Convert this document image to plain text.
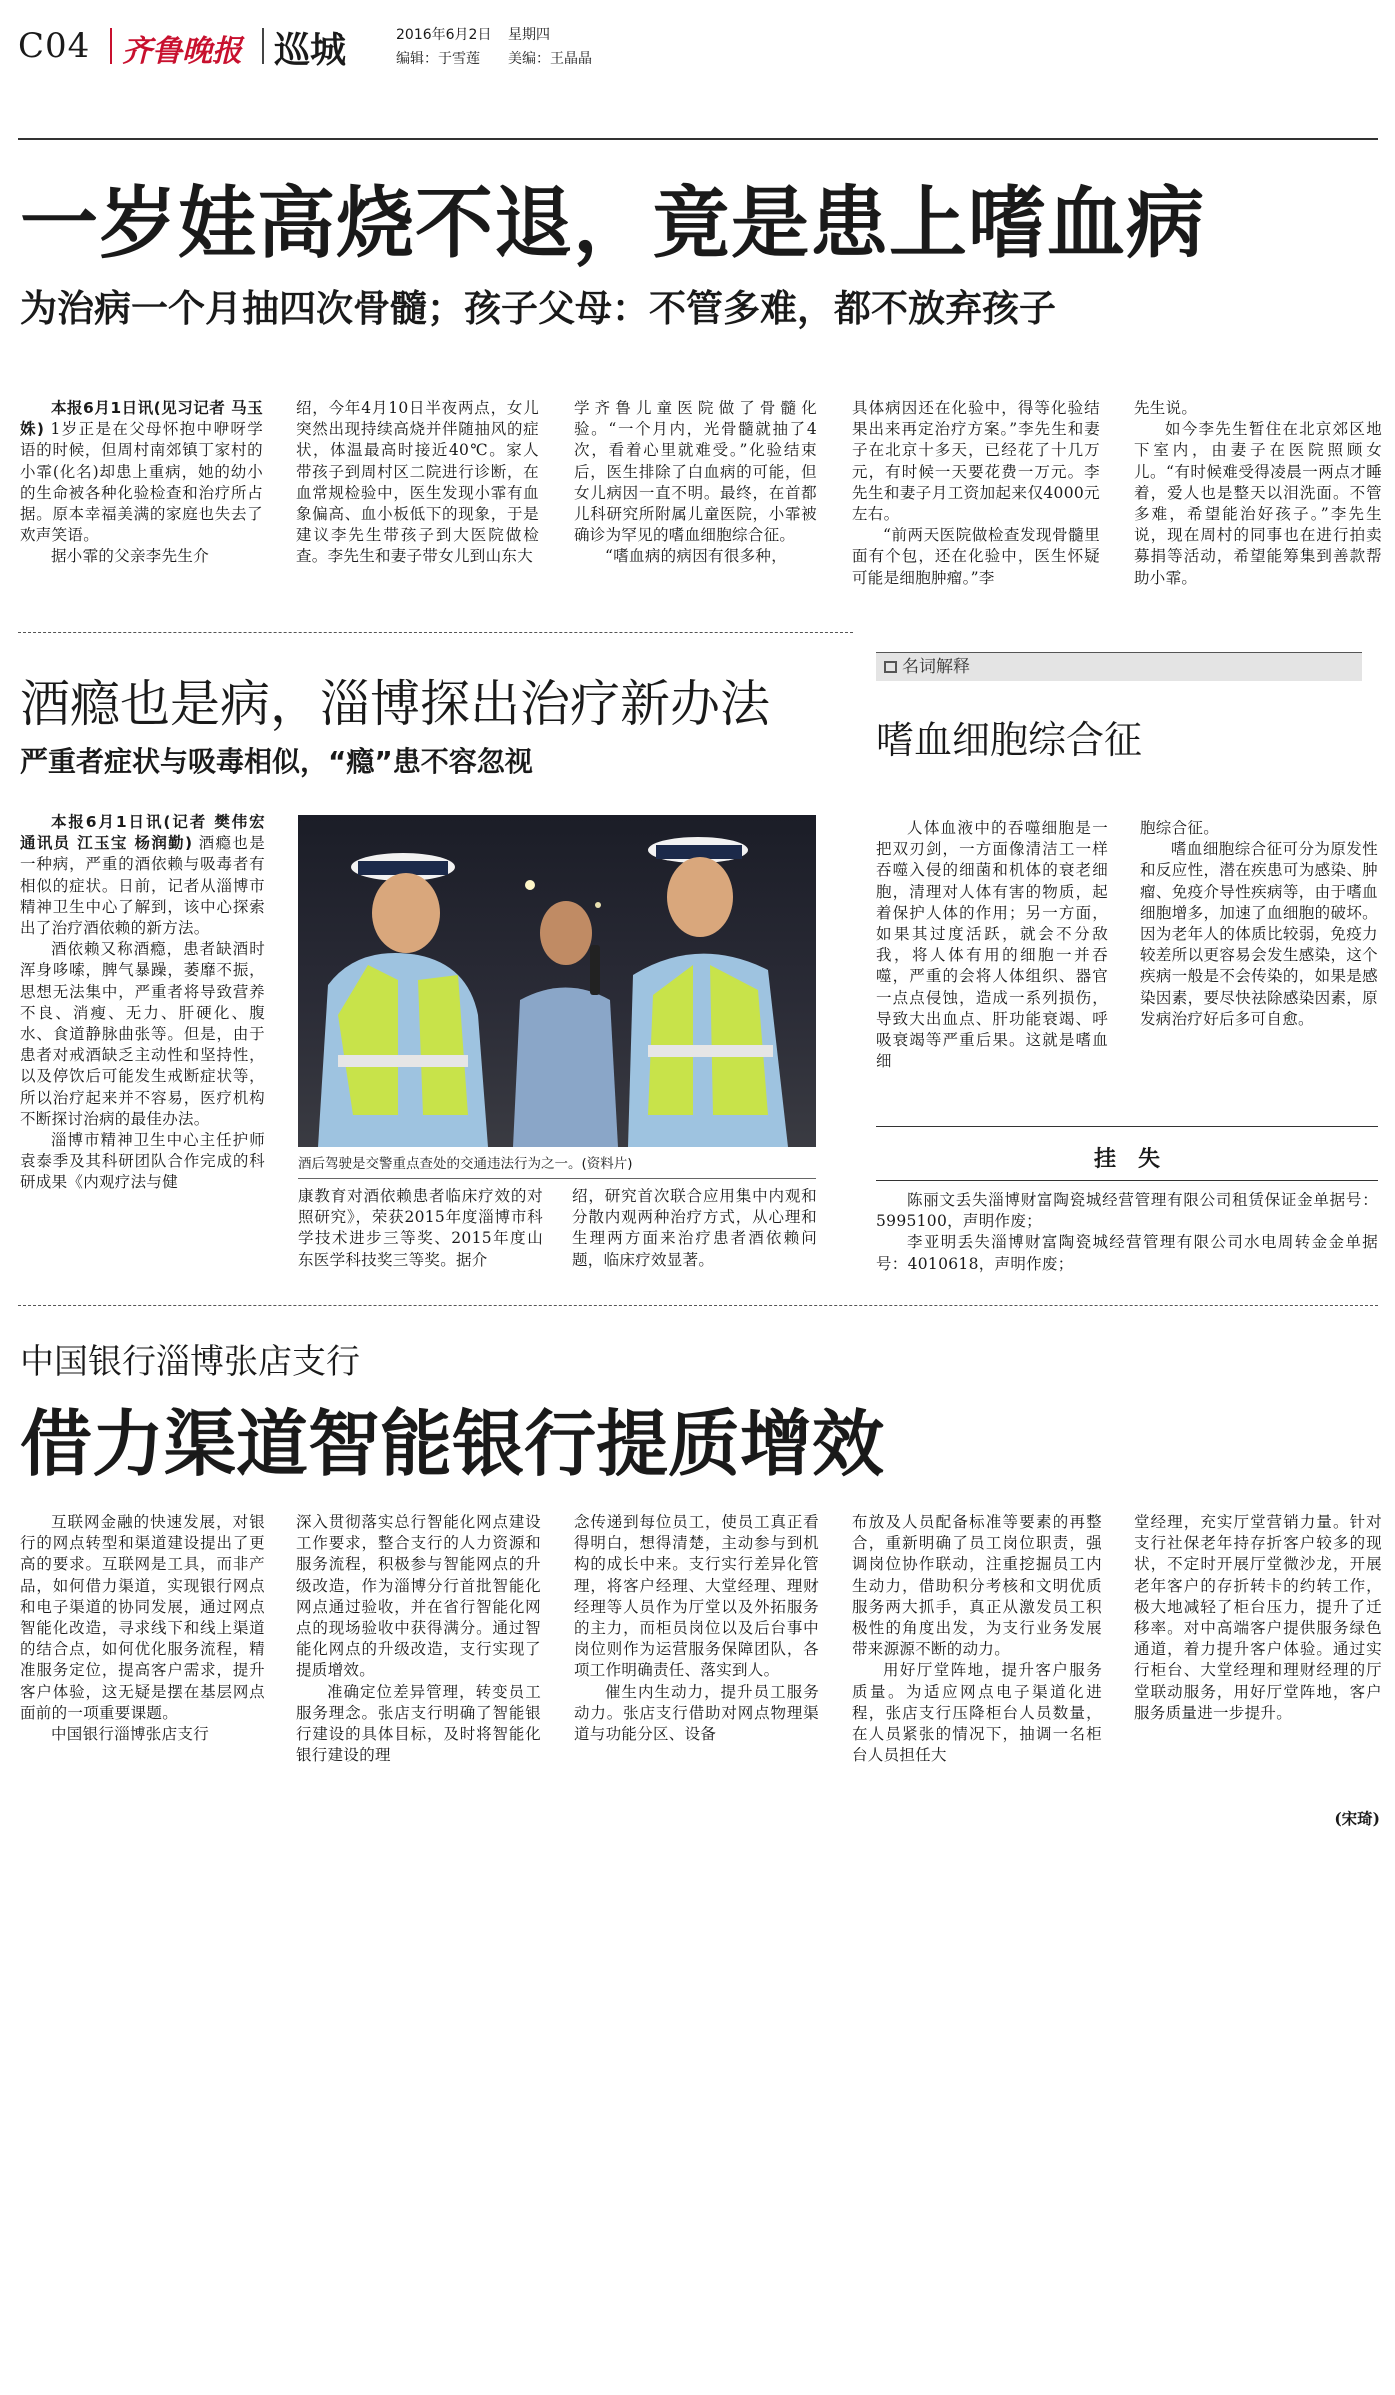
C04 齐鲁晚报 巡城	2016年6月2日 星期四
编辑：于雪莲 美编：王晶晶
一岁娃高烧不退，竟是患上嗜血病
为治病一个月抽四次骨髓；孩子父母：不管多难，都不放弃孩子

本报6月1日讯(见习记者 马玉姝) 1岁正是在父母怀抱中咿呀学语的时候，但周村南郊镇丁家村的小霏(化名)却患上重病，她的幼小的生命被各种化验检查和治疗所占据。原本幸福美满的家庭也失去了欢声笑语。

据小霏的父亲李先生介

绍，今年4月10日半夜两点，女儿突然出现持续高烧并伴随抽风的症状，体温最高时接近40℃。家人带孩子到周村区二院进行诊断，在血常规检验中，医生发现小霏有血象偏高、血小板低下的现象，于是建议李先生带孩子到大医院做检查。李先生和妻子带女儿到山东大

学齐鲁儿童医院做了骨髓化验。“一个月内，光骨髓就抽了4次，看着心里就难受。”化验结束后，医生排除了白血病的可能，但女儿病因一直不明。最终，在首都儿科研究所附属儿童医院，小霏被确诊为罕见的嗜血细胞综合征。

“嗜血病的病因有很多种，

具体病因还在化验中，得等化验结果出来再定治疗方案。”李先生和妻子在北京十多天，已经花了十几万元，有时候一天要花费一万元。李先生和妻子月工资加起来仅4000元左右。

“前两天医院做检查发现骨髓里面有个包，还在化验中，医生怀疑可能是细胞肿瘤。”李

先生说。

如今李先生暂住在北京郊区地下室内，由妻子在医院照顾女儿。“有时候难受得凌晨一两点才睡着，爱人也是整天以泪洗面。不管多难，希望能治好孩子。”李先生说，现在周村的同事也在进行拍卖募捐等活动，希望能筹集到善款帮助小霏。

酒瘾也是病，淄博探出治疗新办法
严重者症状与吸毒相似，“瘾”患不容忽视

本报6月1日讯(记者 樊伟宏 通讯员 江玉宝 杨润勤) 酒瘾也是一种病，严重的酒依赖与吸毒者有相似的症状。日前，记者从淄博市精神卫生中心了解到，该中心探索出了治疗酒依赖的新方法。

酒依赖又称酒瘾，患者缺酒时浑身哆嗦，脾气暴躁，萎靡不振，思想无法集中，严重者将导致营养不良、消瘦、无力、肝硬化、腹水、食道静脉曲张等。但是，由于患者对戒酒缺乏主动性和坚持性，以及停饮后可能发生戒断症状等，所以治疗起来并不容易，医疗机构不断探讨治病的最佳办法。

淄博市精神卫生中心主任护师袁泰季及其科研团队合作完成的科研成果《内观疗法与健

酒后驾驶是交警重点查处的交通违法行为之一。(资料片)

康教育对酒依赖患者临床疗效的对照研究》，荣获2015年度淄博市科学技术进步三等奖、2015年度山东医学科技奖三等奖。据介

绍，研究首次联合应用集中内观和分散内观两种治疗方式，从心理和生理两方面来治疗患者酒依赖问题，临床疗效显著。

名词解释
嗜血细胞综合征

人体血液中的吞噬细胞是一把双刃剑，一方面像清洁工一样吞噬入侵的细菌和机体的衰老细胞，清理对人体有害的物质，起着保护人体的作用；另一方面，如果其过度活跃，就会不分敌我，将人体有用的细胞一并吞噬，严重的会将人体组织、器官一点点侵蚀，造成一系列损伤，导致大出血点、肝功能衰竭、呼吸衰竭等严重后果。这就是嗜血细

胞综合征。

嗜血细胞综合征可分为原发性和反应性，潜在疾患可为感染、肿瘤、免疫介导性疾病等，由于嗜血细胞增多，加速了血细胞的破坏。因为老年人的体质比较弱，免疫力较差所以更容易会发生感染，这个疾病一般是不会传染的，如果是感染因素，要尽快祛除感染因素，原发病治疗好后多可自愈。

挂　失

陈丽文丢失淄博财富陶瓷城经营管理有限公司租赁保证金单据号：5995100，声明作废；

李亚明丢失淄博财富陶瓷城经营管理有限公司水电周转金金单据号：4010618，声明作废；

中国银行淄博张店支行
借力渠道智能银行提质增效

互联网金融的快速发展，对银行的网点转型和渠道建设提出了更高的要求。互联网是工具，而非产品，如何借力渠道，实现银行网点和电子渠道的协同发展，通过网点智能化改造，寻求线下和线上渠道的结合点，如何优化服务流程，精准服务定位，提高客户需求，提升客户体验，这无疑是摆在基层网点面前的一项重要课题。

中国银行淄博张店支行

深入贯彻落实总行智能化网点建设工作要求，整合支行的人力资源和服务流程，积极参与智能网点的升级改造，作为淄博分行首批智能化网点通过验收，并在省行智能化网点的现场验收中获得满分。通过智能化网点的升级改造，支行实现了提质增效。

准确定位差异管理，转变员工服务理念。张店支行明确了智能银行建设的具体目标，及时将智能化银行建设的理

念传递到每位员工，使员工真正看得明白，想得清楚，主动参与到机构的成长中来。支行实行差异化管理，将客户经理、大堂经理、理财经理等人员作为厅堂以及外拓服务的主力，而柜员岗位以及后台事中岗位则作为运营服务保障团队，各项工作明确责任、落实到人。

催生内生动力，提升员工服务动力。张店支行借助对网点物理渠道与功能分区、设备

布放及人员配备标准等要素的再整合，重新明确了员工岗位职责，强调岗位协作联动，注重挖掘员工内生动力，借助积分考核和文明优质服务两大抓手，真正从激发员工积极性的角度出发，为支行业务发展带来源源不断的动力。

用好厅堂阵地，提升客户服务质量。为适应网点电子渠道化进程，张店支行压降柜台人员数量，在人员紧张的情况下，抽调一名柜台人员担任大

堂经理，充实厅堂营销力量。针对支行社保老年持存折客户较多的现状，不定时开展厅堂微沙龙，开展老年客户的存折转卡的约转工作，极大地减轻了柜台压力，提升了迁移率。对中高端客户提供服务绿色通道，着力提升客户体验。通过实行柜台、大堂经理和理财经理的厅堂联动服务，用好厅堂阵地，客户服务质量进一步提升。

(宋琦)
